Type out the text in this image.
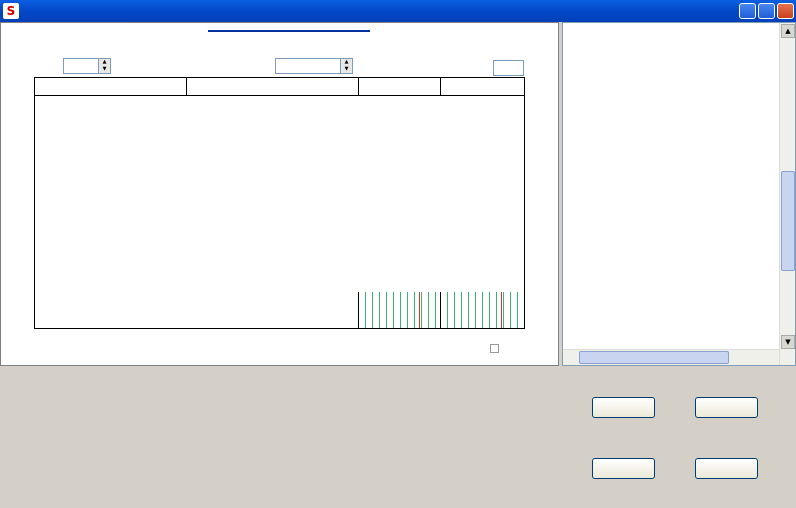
S
▲
▼
▲
▼
▲
▼
